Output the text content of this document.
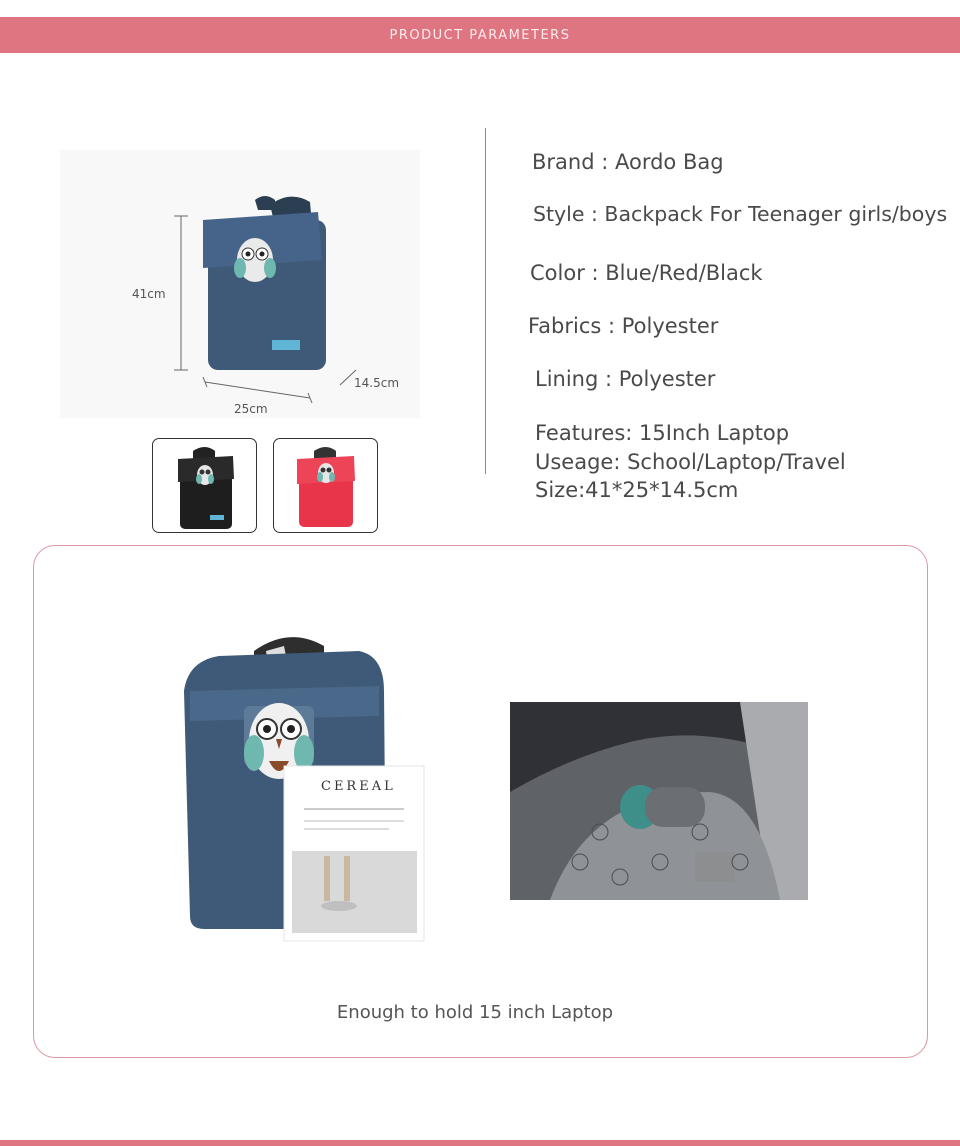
PRODUCT PARAMETERS
41cm
25cm
14.5cm
Brand : Aordo Bag
Style : Backpack For Teenager girls/boys
Color : Blue/Red/Black
Fabrics : Polyester
Lining : Polyester
Features: 15Inch Laptop
Useage: School/Laptop/Travel
Size:41*25*14.5cm
CEREAL
Enough to hold 15 inch Laptop
